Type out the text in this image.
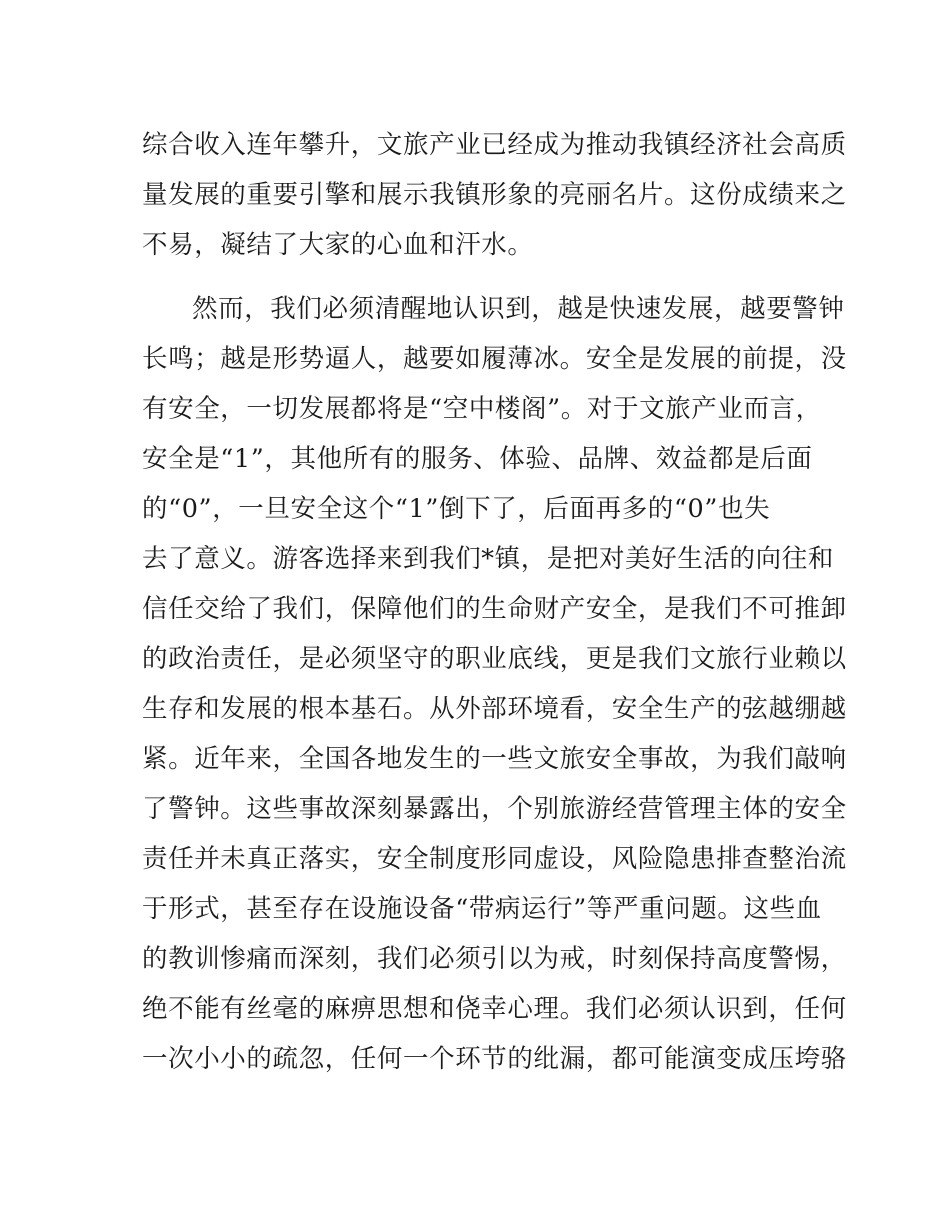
综合收入连年攀升，文旅产业已经成为推动我镇经济社会高质
量发展的重要引擎和展示我镇形象的亮丽名片。这份成绩来之
不易，凝结了大家的心血和汗水。
然而，我们必须清醒地认识到，越是快速发展，越要警钟
长鸣；越是形势逼人，越要如履薄冰。安全是发展的前提，没
有安全，一切发展都将是“空中楼阁”。对于文旅产业而言，
安全是“1”，其他所有的服务、体验、品牌、效益都是后面
的“0”，一旦安全这个“1”倒下了，后面再多的“0”也失
去了意义。游客选择来到我们*镇，是把对美好生活的向往和
信任交给了我们，保障他们的生命财产安全，是我们不可推卸
的政治责任，是必须坚守的职业底线，更是我们文旅行业赖以
生存和发展的根本基石。从外部环境看，安全生产的弦越绷越
紧。近年来，全国各地发生的一些文旅安全事故，为我们敲响
了警钟。这些事故深刻暴露出，个别旅游经营管理主体的安全
责任并未真正落实，安全制度形同虚设，风险隐患排查整治流
于形式，甚至存在设施设备“带病运行”等严重问题。这些血
的教训惨痛而深刻，我们必须引以为戒，时刻保持高度警惕，
绝不能有丝毫的麻痹思想和侥幸心理。我们必须认识到，任何
一次小小的疏忽，任何一个环节的纰漏，都可能演变成压垮骆
